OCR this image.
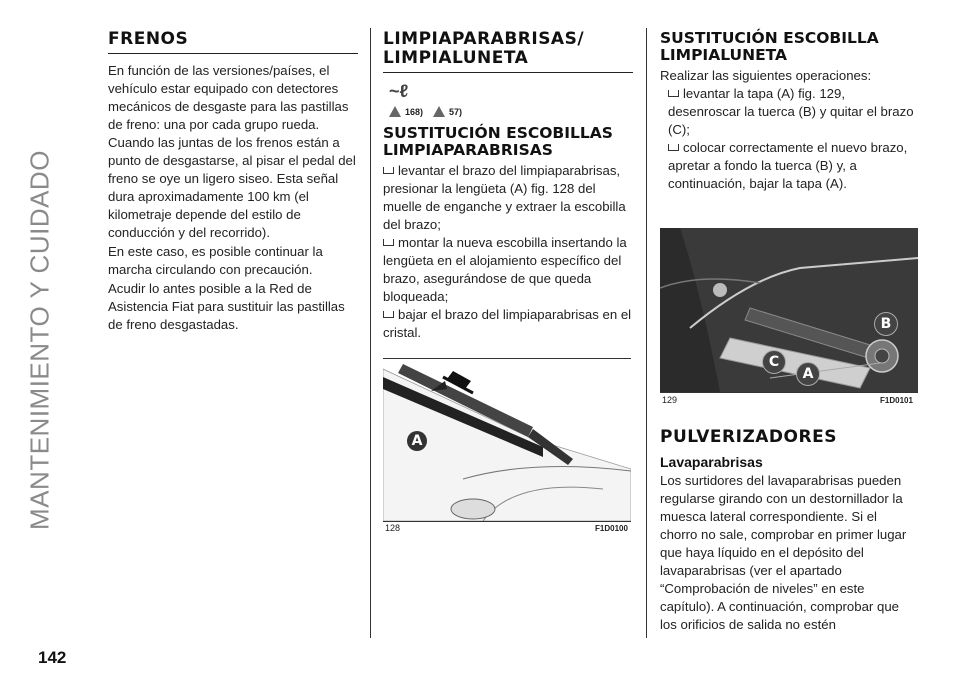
MANTENIMIENTO Y CUIDADO
142
FRENOS

En función de las versiones/países, el vehículo estar equipado con detectores mecánicos de desgaste para las pastillas de freno: una por cada grupo rueda. Cuando las juntas de los frenos están a punto de desgastarse, al pisar el pedal del freno se oye un ligero siseo. Esta señal dura aproximadamente 100 km (el kilometraje depende del estilo de conducción y del recorrido).

En este caso, es posible continuar la marcha circulando con precaución.

Acudir lo antes posible a la Red de Asistencia Fiat para sustituir las pastillas de freno desgastadas.

LIMPIAPARABRISAS/ LIMPIALUNETA
~ℓ
168)	57)
SUSTITUCIÓN ESCOBILLAS LIMPIAPARABRISAS
levantar el brazo del limpiaparabrisas, presionar la lengüeta (A) fig. 128 del muelle de enganche y extraer la escobilla del brazo;
montar la nueva escobilla insertando la lengüeta en el alojamiento específico del brazo, asegurándose de que queda bloqueada;
bajar el brazo del limpiaparabrisas en el cristal.
A
128	F1D0100
SUSTITUCIÓN ESCOBILLA LIMPIALUNETA

Realizar las siguientes operaciones:

levantar la tapa (A) fig. 129, desenroscar la tuerca (B) y quitar el brazo (C);
colocar correctamente el nuevo brazo, apretar a fondo la tuerca (B) y, a continuación, bajar la tapa (A).
B
C
A
129	F1D0101
PULVERIZADORES
Lavaparabrisas

Los surtidores del lavaparabrisas pueden regularse girando con un destornillador la muesca lateral correspondiente. Si el chorro no sale, comprobar en primer lugar que haya líquido en el depósito del lavaparabrisas (ver el apartado “Comprobación de niveles” en este capítulo). A continuación, comprobar que los orificios de salida no estén
